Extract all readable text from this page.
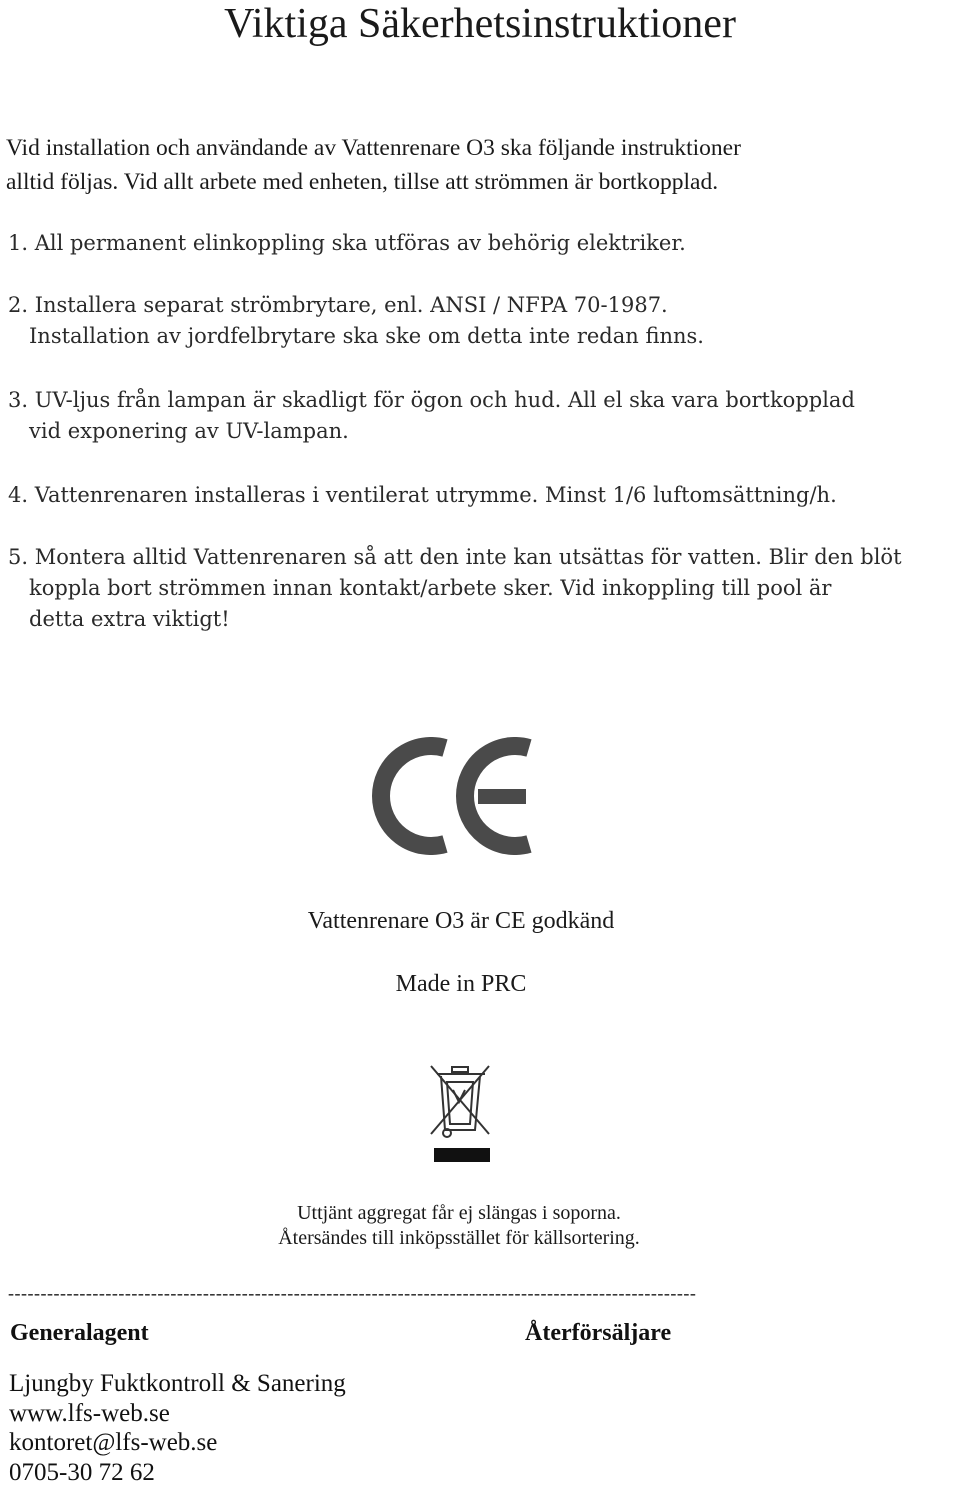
Viktiga Säkerhetsinstruktioner
Vid installation och användande av Vattenrenare O3 ska följande instruktioner
alltid följas. Vid allt arbete med enheten, tillse att strömmen är bortkopplad.
1. All permanent elinkoppling ska utföras av behörig elektriker.
2. Installera separat strömbrytare, enl. ANSI / NFPA 70-1987.
Installation av jordfelbrytare ska ske om detta inte redan finns.
3. UV-ljus från lampan är skadligt för ögon och hud. All el ska vara bortkopplad
vid exponering av UV-lampan.
4. Vattenrenaren installeras i ventilerat utrymme. Minst 1/6 luftomsättning/h.
5. Montera alltid Vattenrenaren så att den inte kan utsättas för vatten. Blir den blöt
koppla bort strömmen innan kontakt/arbete sker. Vid inkoppling till pool är
detta extra viktigt!
Vattenrenare O3 är CE godkänd
Made in PRC
Uttjänt aggregat får ej slängas i soporna.
Återsändes till inköpsstället för källsortering.
----------------------------------------------------------------------------------------------------------
Generalagent	Återförsäljare
Ljungby Fuktkontroll & Sanering
www.lfs-web.se
kontoret@lfs-web.se
0705-30 72 62
